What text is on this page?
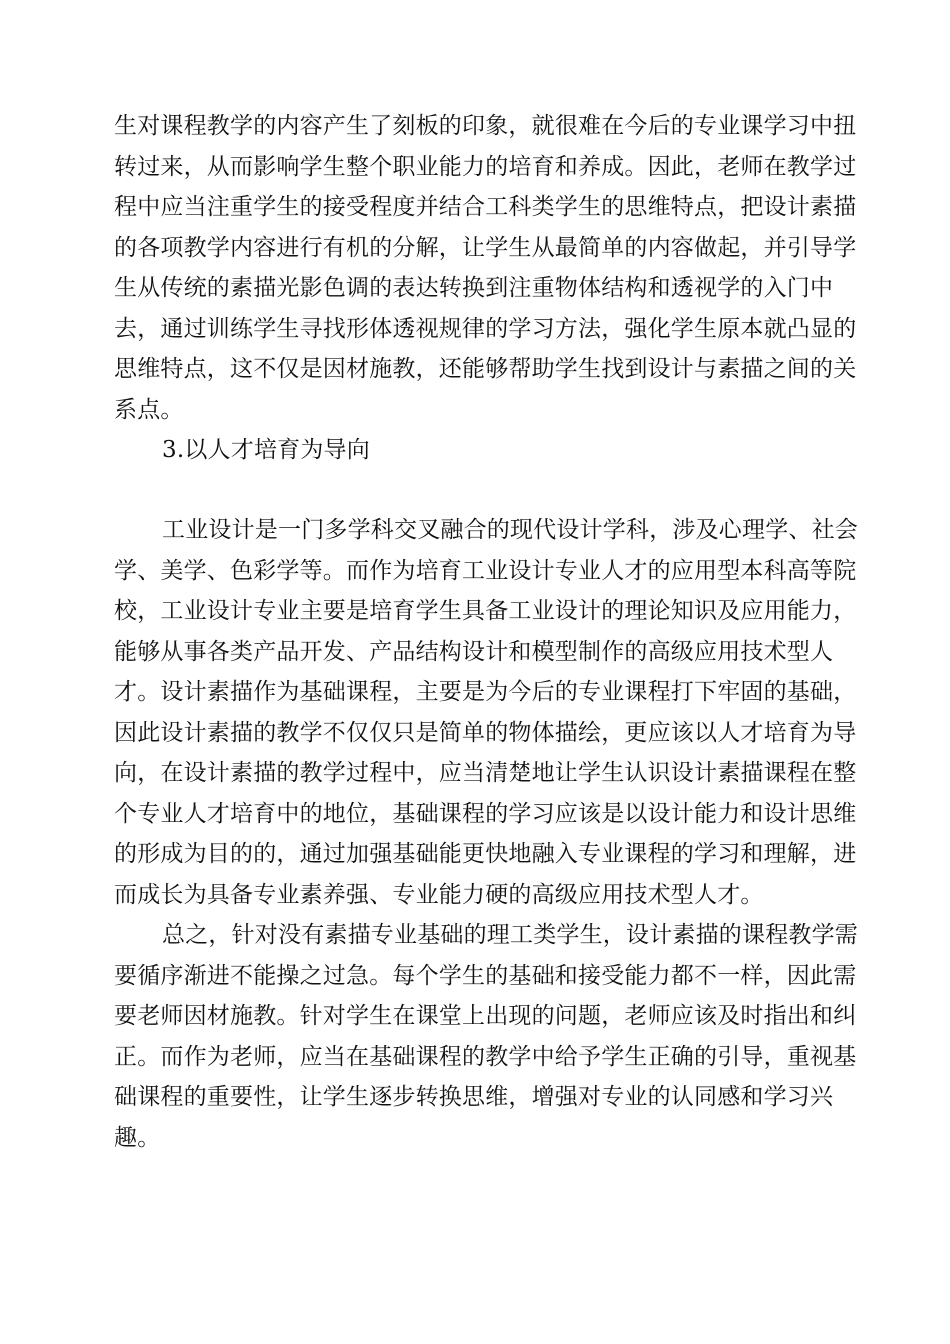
生对课程教学的内容产生了刻板的印象，就很难在今后的专业课学习中扭
转过来，从而影响学生整个职业能力的培育和养成。因此，老师在教学过
程中应当注重学生的接受程度并结合工科类学生的思维特点，把设计素描
的各项教学内容进行有机的分解，让学生从最简单的内容做起，并引导学
生从传统的素描光影色调的表达转换到注重物体结构和透视学的入门中
去，通过训练学生寻找形体透视规律的学习方法，强化学生原本就凸显的
思维特点，这不仅是因材施教，还能够帮助学生找到设计与素描之间的关
系点。
3.以人才培育为导向
工业设计是一门多学科交叉融合的现代设计学科，涉及心理学、社会
学、美学、色彩学等。而作为培育工业设计专业人才的应用型本科高等院
校，工业设计专业主要是培育学生具备工业设计的理论知识及应用能力，
能够从事各类产品开发、产品结构设计和模型制作的高级应用技术型人
才。设计素描作为基础课程，主要是为今后的专业课程打下牢固的基础，
因此设计素描的教学不仅仅只是简单的物体描绘，更应该以人才培育为导
向，在设计素描的教学过程中，应当清楚地让学生认识设计素描课程在整
个专业人才培育中的地位，基础课程的学习应该是以设计能力和设计思维
的形成为目的的，通过加强基础能更快地融入专业课程的学习和理解，进
而成长为具备专业素养强、专业能力硬的高级应用技术型人才。
总之，针对没有素描专业基础的理工类学生，设计素描的课程教学需
要循序渐进不能操之过急。每个学生的基础和接受能力都不一样，因此需
要老师因材施教。针对学生在课堂上出现的问题，老师应该及时指出和纠
正。而作为老师，应当在基础课程的教学中给予学生正确的引导，重视基
础课程的重要性，让学生逐步转换思维，增强对专业的认同感和学习兴
趣。
